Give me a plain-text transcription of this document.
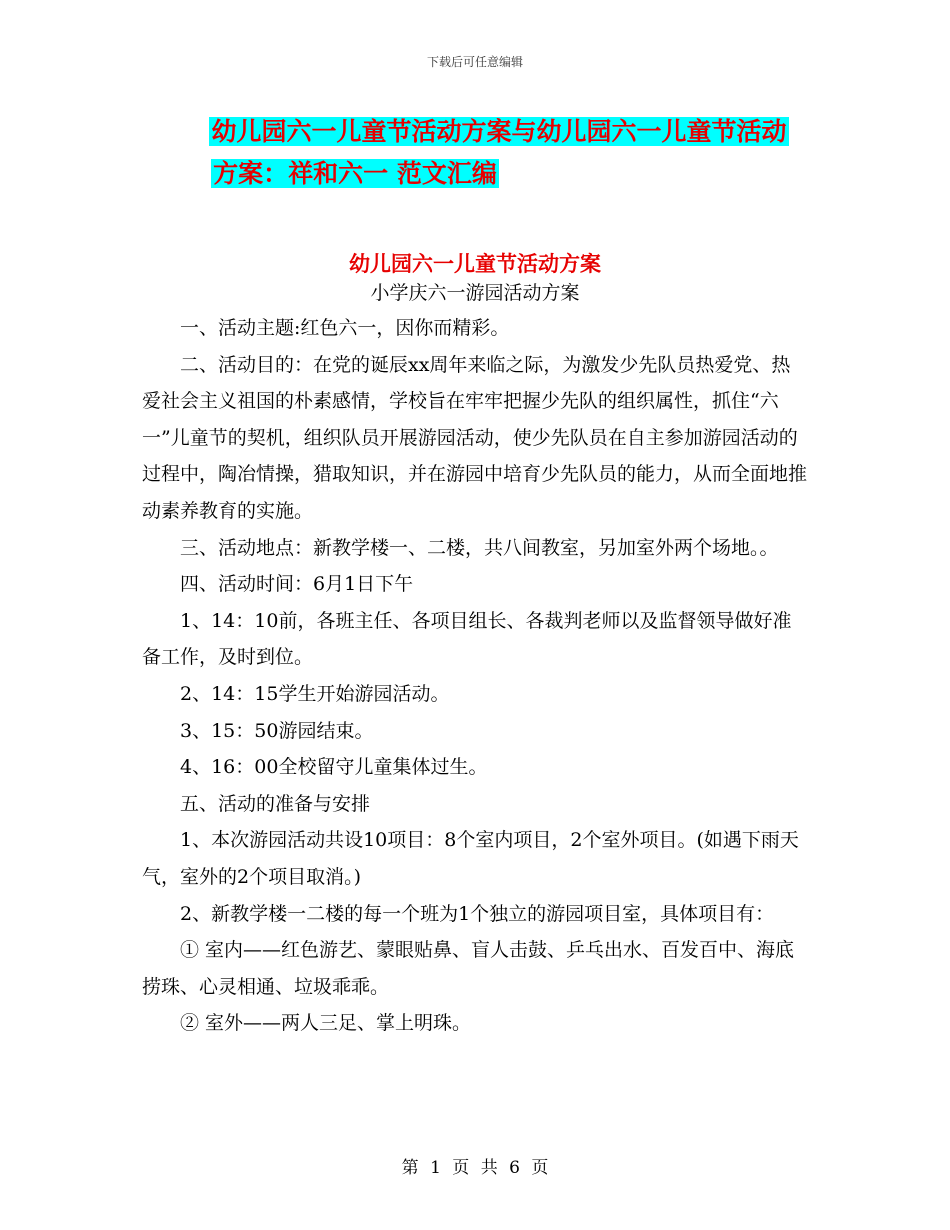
下载后可任意编辑
幼儿园六一儿童节活动方案与幼儿园六一儿童节活动
方案：祥和六一 范文汇编
幼儿园六一儿童节活动方案
小学庆六一游园活动方案

一、活动主题:红色六一，因你而精彩。

二、活动目的：在党的诞辰xx周年来临之际，为激发少先队员热爱党、热爱社会主义祖国的朴素感情，学校旨在牢牢把握少先队的组织属性，抓住“六一”儿童节的契机，组织队员开展游园活动，使少先队员在自主参加游园活动的过程中，陶冶情操，猎取知识，并在游园中培育少先队员的能力，从而全面地推动素养教育的实施。

三、活动地点：新教学楼一、二楼，共八间教室，另加室外两个场地。。

四、活动时间：6月1日下午

1、14：10前，各班主任、各项目组长、各裁判老师以及监督领导做好准备工作，及时到位。

2、14：15学生开始游园活动。

3、15：50游园结束。

4、16：00全校留守儿童集体过生。

五、活动的准备与安排

1、本次游园活动共设10项目：8个室内项目，2个室外项目。(如遇下雨天气，室外的2个项目取消。)

2、新教学楼一二楼的每一个班为1个独立的游园项目室，具体项目有：

① 室内——红色游艺、蒙眼贴鼻、盲人击鼓、乒乓出水、百发百中、海底捞珠、心灵相通、垃圾乖乖。

② 室外——两人三足、掌上明珠。

第 1 页 共 6 页
